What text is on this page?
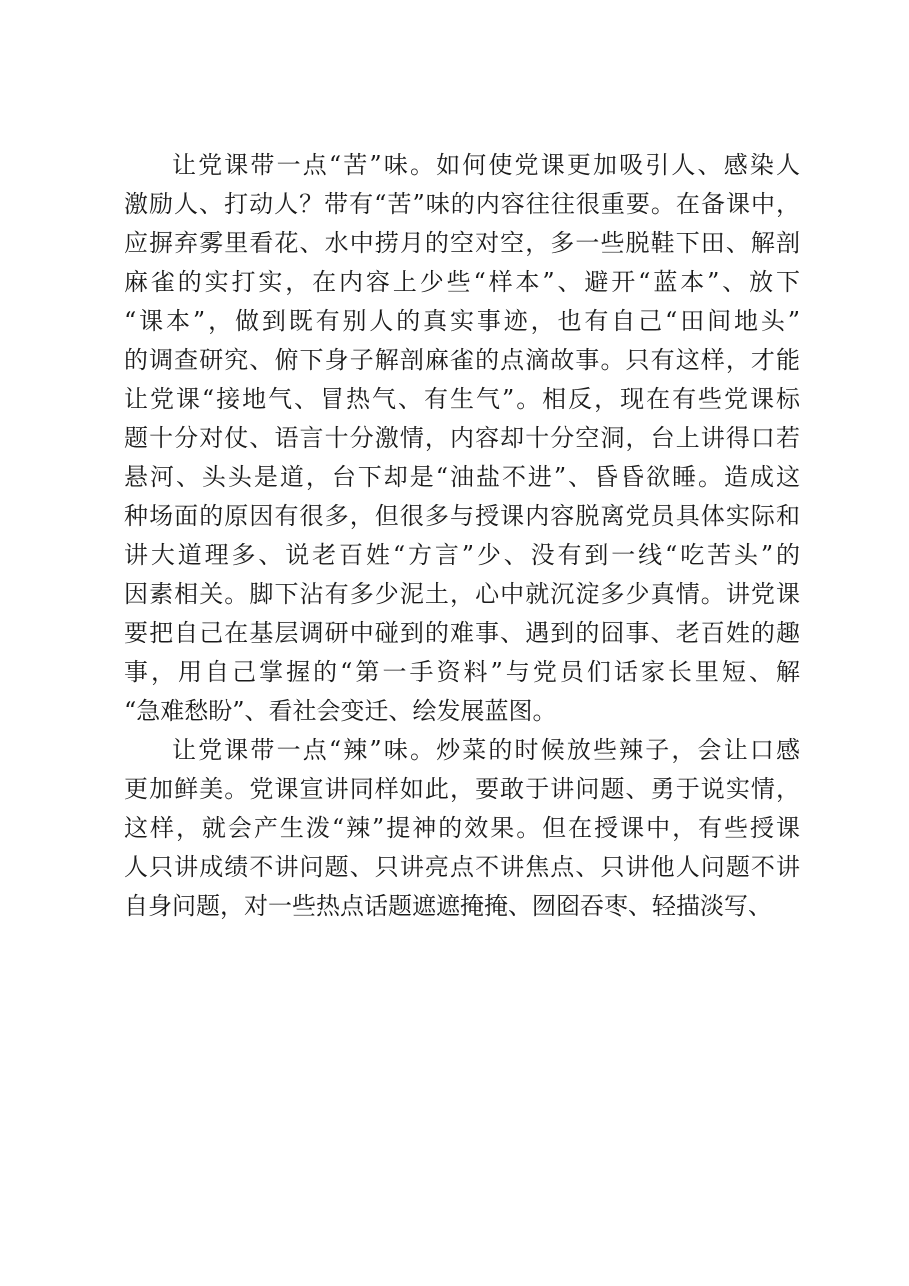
让党课带一点“苦”味。如何使党课更加吸引人、感染人
激励人、打动人？带有“苦”味的内容往往很重要。在备课中，
应摒弃雾里看花、水中捞月的空对空，多一些脱鞋下田、解剖
麻雀的实打实，在内容上少些“样本”、避开“蓝本”、放下
“课本”，做到既有别人的真实事迹，也有自己“田间地头”
的调查研究、俯下身子解剖麻雀的点滴故事。只有这样，才能
让党课“接地气、冒热气、有生气”。相反，现在有些党课标
题十分对仗、语言十分激情，内容却十分空洞，台上讲得口若
悬河、头头是道，台下却是“油盐不进”、昏昏欲睡。造成这
种场面的原因有很多，但很多与授课内容脱离党员具体实际和
讲大道理多、说老百姓“方言”少、没有到一线“吃苦头”的
因素相关。脚下沾有多少泥土，心中就沉淀多少真情。讲党课
要把自己在基层调研中碰到的难事、遇到的囧事、老百姓的趣
事，用自己掌握的“第一手资料”与党员们话家长里短、解
“急难愁盼”、看社会变迁、绘发展蓝图。
让党课带一点“辣”味。炒菜的时候放些辣子，会让口感
更加鲜美。党课宣讲同样如此，要敢于讲问题、勇于说实情，
这样，就会产生泼“辣”提神的效果。但在授课中，有些授课
人只讲成绩不讲问题、只讲亮点不讲焦点、只讲他人问题不讲
自身问题，对一些热点话题遮遮掩掩、囫囵吞枣、轻描淡写、
